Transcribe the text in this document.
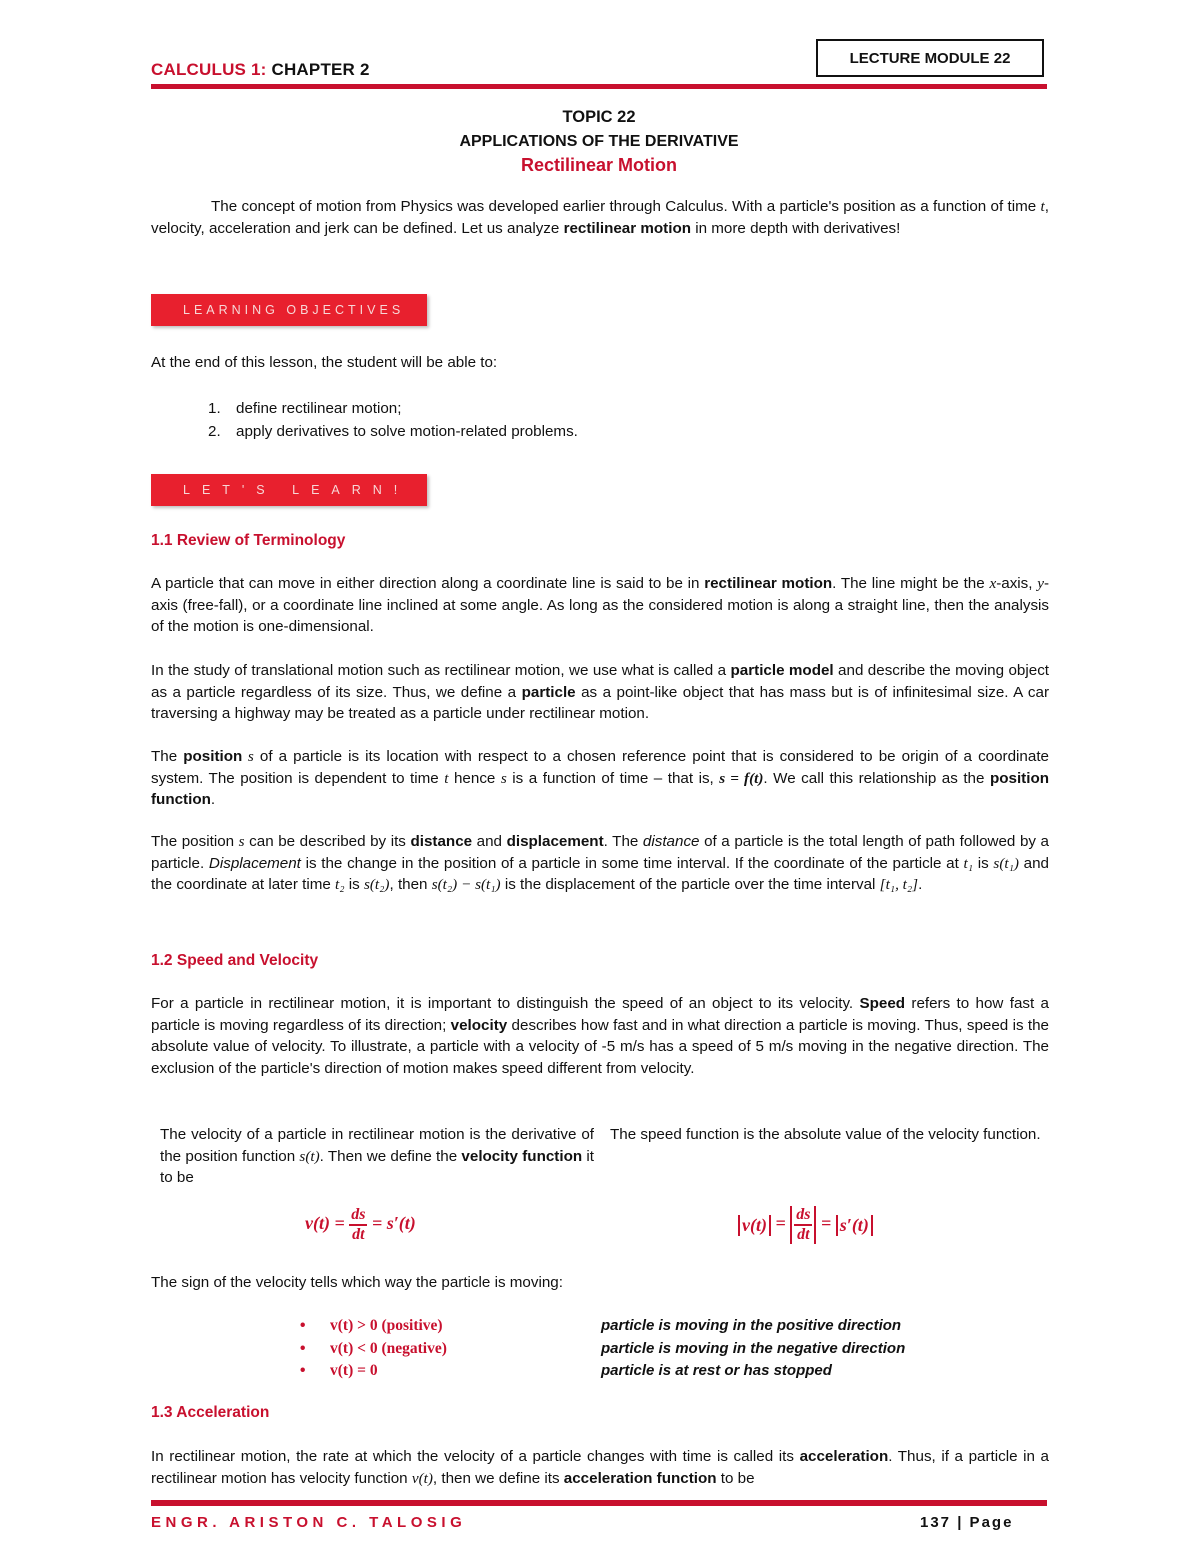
CALCULUS 1: CHAPTER 2
LECTURE MODULE 22
TOPIC 22
APPLICATIONS OF THE DERIVATIVE
Rectilinear Motion
The concept of motion from Physics was developed earlier through Calculus. With a particle's position as a function of time t, velocity, acceleration and jerk can be defined. Let us analyze rectilinear motion in more depth with derivatives!
LEARNING OBJECTIVES
At the end of this lesson, the student will be able to:
1. define rectilinear motion;
2. apply derivatives to solve motion-related problems.
LET'S LEARN!
1.1 Review of Terminology
A particle that can move in either direction along a coordinate line is said to be in rectilinear motion. The line might be the x-axis, y-axis (free-fall), or a coordinate line inclined at some angle. As long as the considered motion is along a straight line, then the analysis of the motion is one-dimensional.
In the study of translational motion such as rectilinear motion, we use what is called a particle model and describe the moving object as a particle regardless of its size. Thus, we define a particle as a point-like object that has mass but is of infinitesimal size. A car traversing a highway may be treated as a particle under rectilinear motion.
The position s of a particle is its location with respect to a chosen reference point that is considered to be origin of a coordinate system. The position is dependent to time t hence s is a function of time – that is, s = f(t). We call this relationship as the position function.
The position s can be described by its distance and displacement. The distance of a particle is the total length of path followed by a particle. Displacement is the change in the position of a particle in some time interval. If the coordinate of the particle at t₁ is s(t₁) and the coordinate at later time t₂ is s(t₂), then s(t₂) − s(t₁) is the displacement of the particle over the time interval [t₁, t₂].
1.2 Speed and Velocity
For a particle in rectilinear motion, it is important to distinguish the speed of an object to its velocity. Speed refers to how fast a particle is moving regardless of its direction; velocity describes how fast and in what direction a particle is moving. Thus, speed is the absolute value of velocity. To illustrate, a particle with a velocity of -5 m/s has a speed of 5 m/s moving in the negative direction. The exclusion of the particle's direction of motion makes speed different from velocity.
The velocity of a particle in rectilinear motion is the derivative of the position function s(t). Then we define the velocity function it to be
The speed function is the absolute value of the velocity function.
$v(t) = \frac{ds}{dt} = s'(t)$	$v(t) = \frac{ds}{dt} = s'(t)$
The sign of the velocity tells which way the particle is moving:
• v(t) > 0 (positive)
• v(t) < 0 (negative)
• v(t) = 0
particle is moving in the positive direction
particle is moving in the negative direction
particle is at rest or has stopped
1.3 Acceleration
In rectilinear motion, the rate at which the velocity of a particle changes with time is called its acceleration. Thus, if a particle in a rectilinear motion has velocity function v(t), then we define its acceleration function to be
ENGR. ARISTON C. TALOSIG	137 | Page
